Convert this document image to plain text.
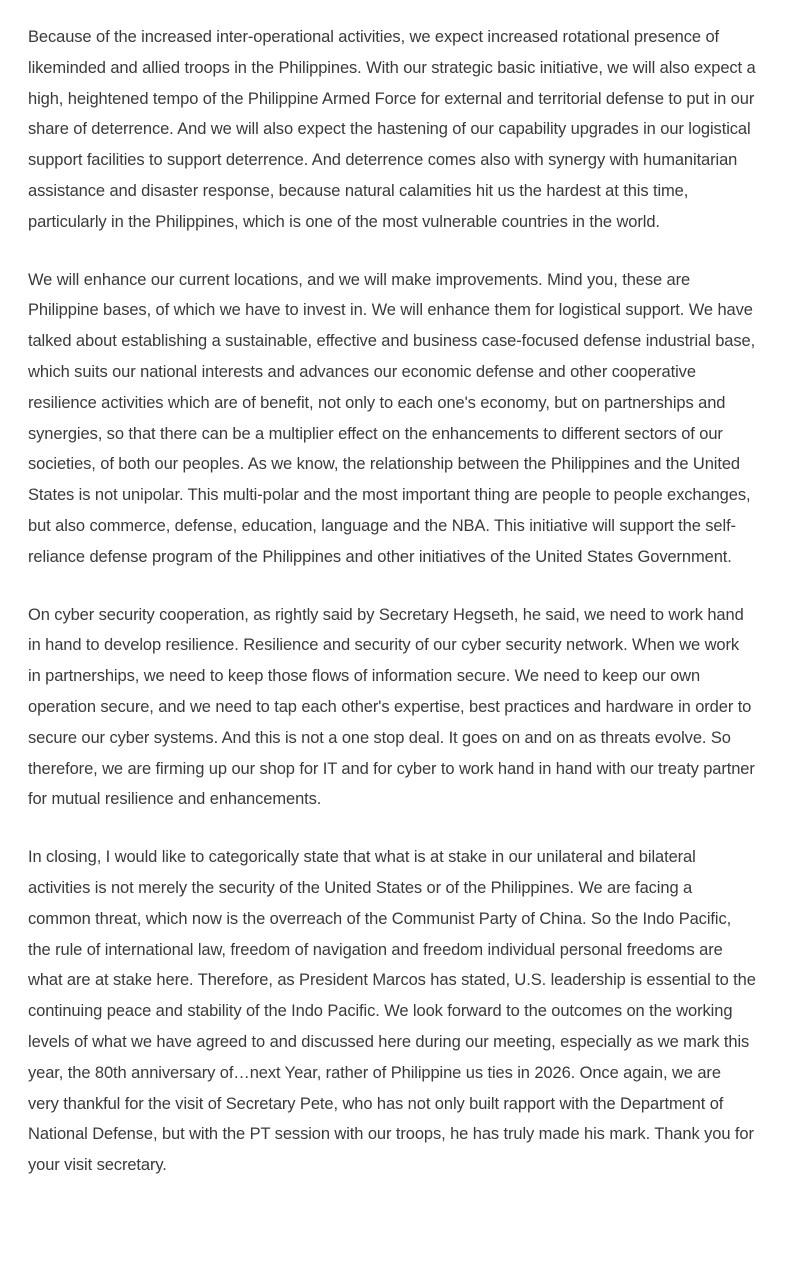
Because of the increased inter-operational activities, we expect increased rotational presence of likeminded and allied troops in the Philippines. With our strategic basic initiative, we will also expect a high, heightened tempo of the Philippine Armed Force for external and territorial defense to put in our share of deterrence. And we will also expect the hastening of our capability upgrades in our logistical support facilities to support deterrence. And deterrence comes also with synergy with humanitarian assistance and disaster response, because natural calamities hit us the hardest at this time, particularly in the Philippines, which is one of the most vulnerable countries in the world.

We will enhance our current locations, and we will make improvements. Mind you, these are Philippine bases, of which we have to invest in. We will enhance them for logistical support. We have talked about establishing a sustainable, effective and business case-focused defense industrial base, which suits our national interests and advances our economic defense and other cooperative resilience activities which are of benefit, not only to each one's economy, but on partnerships and synergies, so that there can be a multiplier effect on the enhancements to different sectors of our societies, of both our peoples. As we know, the relationship between the Philippines and the United States is not unipolar. This multi-polar and the most important thing are people to people exchanges, but also commerce, defense, education, language and the NBA. This initiative will support the self-reliance defense program of the Philippines and other initiatives of the United States Government.

On cyber security cooperation, as rightly said by Secretary Hegseth, he said, we need to work hand in hand to develop resilience. Resilience and security of our cyber security network. When we work in partnerships, we need to keep those flows of information secure. We need to keep our own operation secure, and we need to tap each other's expertise, best practices and hardware in order to secure our cyber systems. And this is not a one stop deal. It goes on and on as threats evolve. So therefore, we are firming up our shop for IT and for cyber to work hand in hand with our treaty partner for mutual resilience and enhancements.

In closing, I would like to categorically state that what is at stake in our unilateral and bilateral activities is not merely the security of the United States or of the Philippines. We are facing a common threat, which now is the overreach of the Communist Party of China. So the Indo Pacific, the rule of international law, freedom of navigation and freedom individual personal freedoms are what are at stake here. Therefore, as President Marcos has stated, U.S. leadership is essential to the continuing peace and stability of the Indo Pacific. We look forward to the outcomes on the working levels of what we have agreed to and discussed here during our meeting, especially as we mark this year, the 80th anniversary of…next Year, rather of Philippine us ties in 2026. Once again, we are very thankful for the visit of Secretary Pete, who has not only built rapport with the Department of National Defense, but with the PT session with our troops, he has truly made his mark. Thank you for your visit secretary.
